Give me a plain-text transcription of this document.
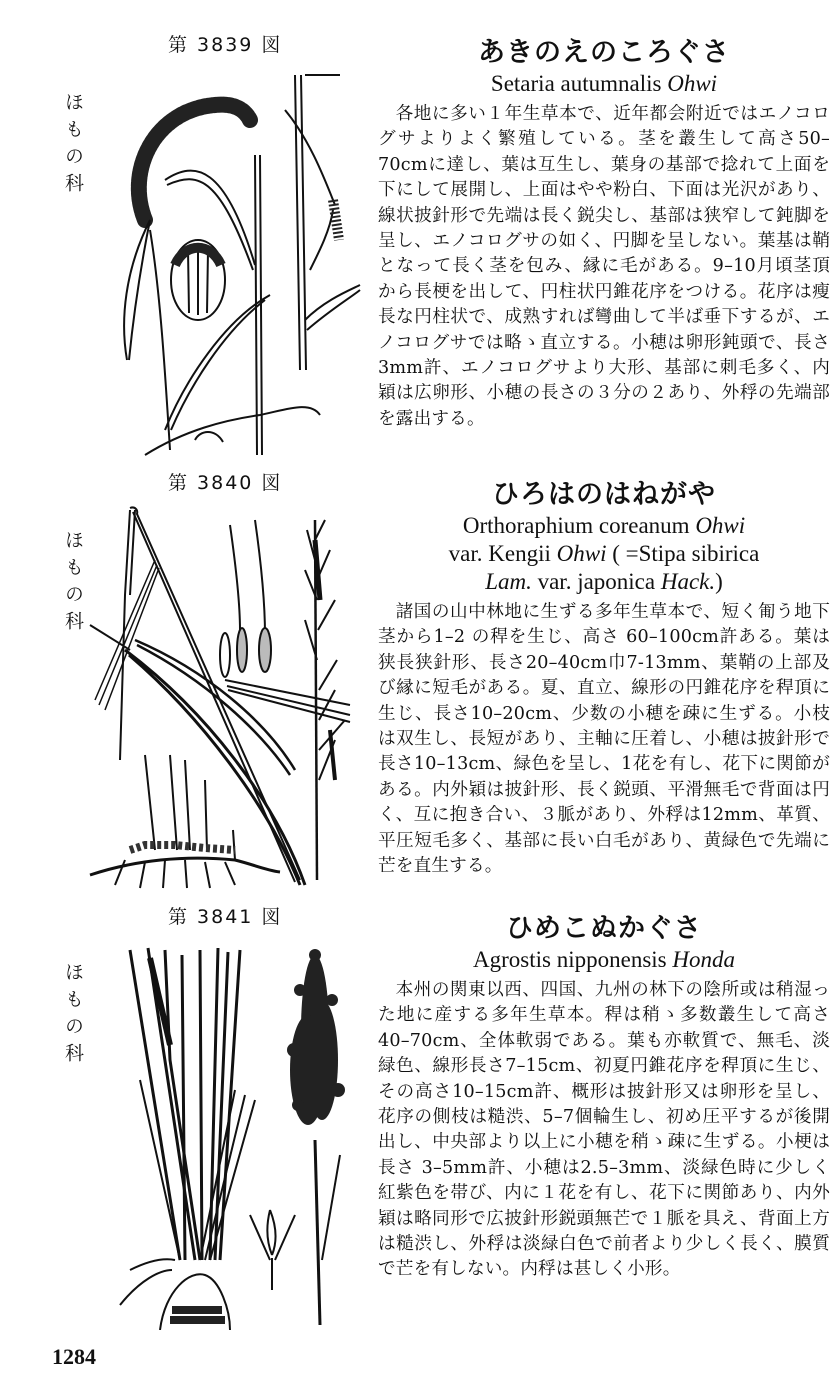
第 3839 図
ほもの科
あきのえのころぐさ

Setaria autumnalis Ohwi

各地に多い１年生草本で、近年都会附近ではエノコログサよりよく繁殖している。茎を叢生して高さ50–70cmに達し、葉は互生し、葉身の基部で捻れて上面を下にして展開し、上面はやや粉白、下面は光沢があり、線状披針形で先端は長く鋭尖し、基部は狭窄して鈍脚を呈し、エノコログサの如く、円脚を呈しない。葉基は鞘となって長く茎を包み、縁に毛がある。9–10月頃茎頂から長梗を出して、円柱状円錐花序をつける。花序は瘦長な円柱状で、成熟すれば彎曲して半ば垂下するが、エノコログサでは略ゝ直立する。小穂は卵形鈍頭で、長さ3mm許、エノコログサより大形、基部に刺毛多く、内穎は広卵形、小穂の長さの３分の２あり、外稃の先端部を露出する。

第 3840 図
ほもの科
ひろはのはねがや

Orthoraphium coreanum Ohwi

var. Kengii Ohwi ( =Stipa sibirica

Lam. var. japonica Hack.)

諸国の山中林地に生ずる多年生草本で、短く匍う地下茎から1–2 の稈を生じ、高さ 60–100cm許ある。葉は狭長狭針形、長さ20–40cm巾7-13mm、葉鞘の上部及び縁に短毛がある。夏、直立、線形の円錐花序を稈頂に生じ、長さ10–20cm、少数の小穂を疎に生ずる。小枝は双生し、長短があり、主軸に圧着し、小穂は披針形で長さ10–13cm、緑色を呈し、1花を有し、花下に関節がある。内外穎は披針形、長く鋭頭、平滑無毛で背面は円く、互に抱き合い、３脈があり、外稃は12mm、革質、平圧短毛多く、基部に長い白毛があり、黄緑色で先端に芒を直生する。

第 3841 図
ほもの科
ひめこぬかぐさ

Agrostis nipponensis Honda

本州の関東以西、四国、九州の林下の陰所或は稍湿った地に産する多年生草本。稈は稍ゝ多数叢生して高さ40–70cm、全体軟弱である。葉も亦軟質で、無毛、淡緑色、線形長さ7–15cm、初夏円錐花序を稈頂に生じ、その高さ10–15cm許、概形は披針形又は卵形を呈し、花序の側枝は糙渋、5–7個輪生し、初め圧平するが後開出し、中央部より以上に小穂を稍ゝ疎に生ずる。小梗は長さ 3–5mm許、小穂は2.5–3mm、淡緑色時に少しく紅紫色を帯び、内に１花を有し、花下に関節あり、内外穎は略同形で広披針形鋭頭無芒で１脈を具え、背面上方は糙渋し、外稃は淡緑白色で前者より少しく長く、膜質で芒を有しない。内稃は甚しく小形。

1284
